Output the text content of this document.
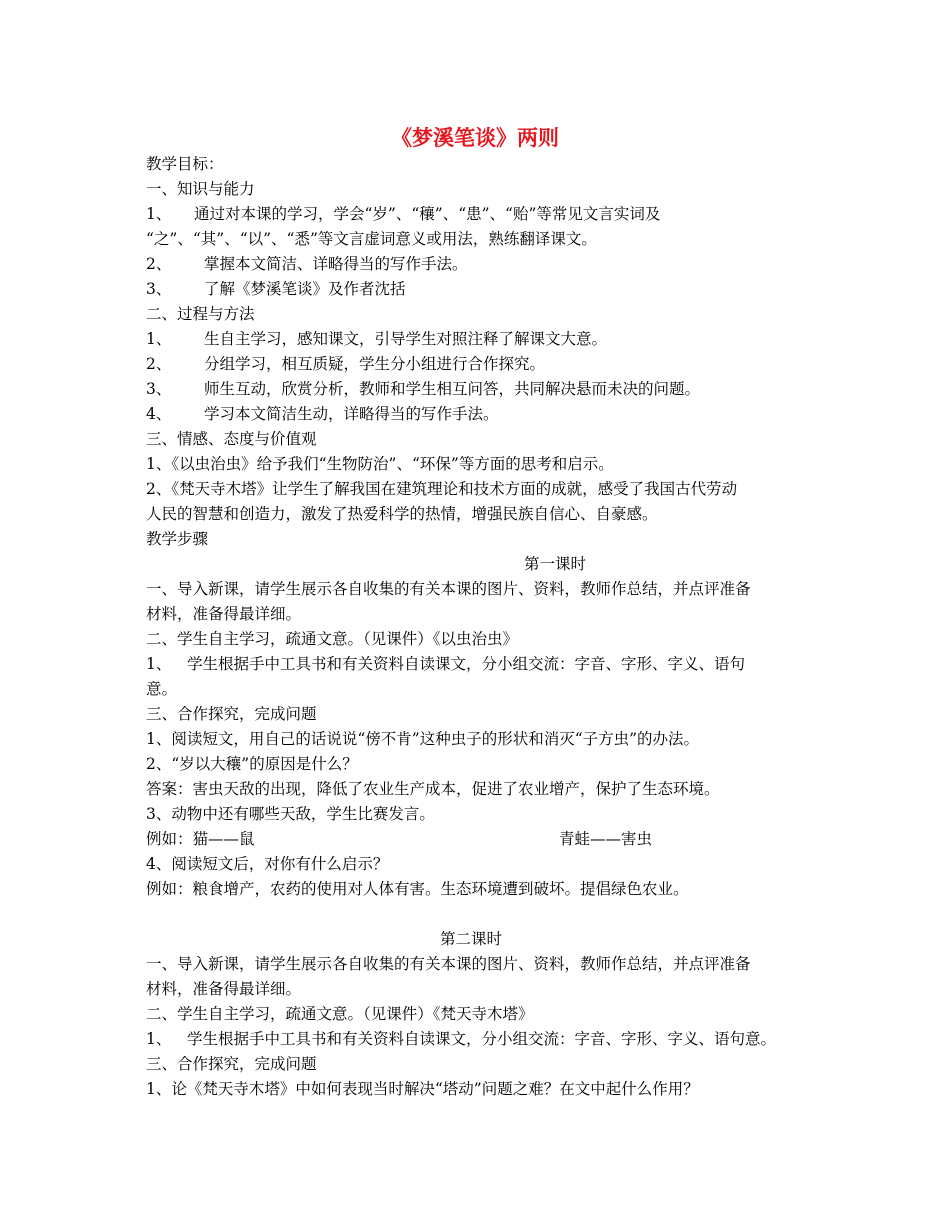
《梦溪笔谈》两则
教学目标：
一、知识与能力
1、 通过对本课的学习，学会“岁”、“穰”、“患”、“贻”等常见文言实词及
“之”、“其”、“以”、“悉”等文言虚词意义或用法，熟练翻译课文。
2、 掌握本文简洁、详略得当的写作手法。
3、 了解《梦溪笔谈》及作者沈括
二、过程与方法
1、 生自主学习，感知课文，引导学生对照注释了解课文大意。
2、 分组学习，相互质疑，学生分小组进行合作探究。
3、 师生互动，欣赏分析，教师和学生相互问答，共同解决悬而未决的问题。
4、 学习本文简洁生动，详略得当的写作手法。
三、情感、态度与价值观
1、《以虫治虫》给予我们“生物防治”、“环保”等方面的思考和启示。
2、《梵天寺木塔》让学生了解我国在建筑理论和技术方面的成就，感受了我国古代劳动
人民的智慧和创造力，激发了热爱科学的热情，增强民族自信心、自豪感。
教学步骤
第一课时
一、导入新课，请学生展示各自收集的有关本课的图片、资料，教师作总结，并点评准备
材料，准备得最详细。
二、学生自主学习，疏通文意。（见课件）《以虫治虫》
1、 学生根据手中工具书和有关资料自读课文，分小组交流：字音、字形、字义、语句
意。
三、合作探究，完成问题
1、阅读短文，用自己的话说说“傍不肯”这种虫子的形状和消灭“子方虫”的办法。
2、“岁以大穰”的原因是什么？
答案：害虫天敌的出现，降低了农业生产成本，促进了农业增产，保护了生态环境。
3、动物中还有哪些天敌，学生比赛发言。
例如：猫——鼠	青蛙——害虫
4、阅读短文后，对你有什么启示？
例如：粮食增产，农药的使用对人体有害。生态环境遭到破坏。提倡绿色农业。
第二课时
一、导入新课，请学生展示各自收集的有关本课的图片、资料，教师作总结，并点评准备
材料，准备得最详细。
二、学生自主学习，疏通文意。（见课件）《梵天寺木塔》
1、 学生根据手中工具书和有关资料自读课文，分小组交流：字音、字形、字义、语句意。
三、合作探究，完成问题
1、论《梵天寺木塔》中如何表现当时解决“塔动”问题之难？在文中起什么作用？
